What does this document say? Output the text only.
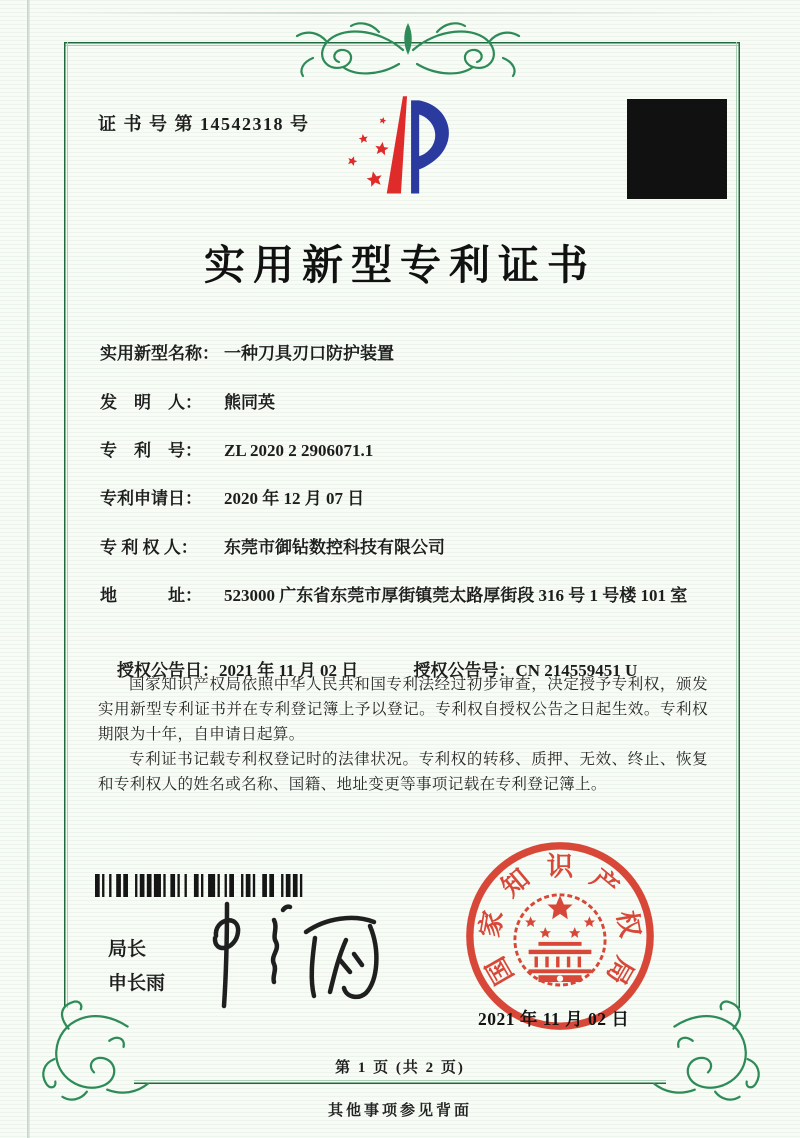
证 书 号 第 14542318 号
实用新型专利证书
实用新型名称： 一种刀具刃口防护装置
发　明　人： 熊同英
专　利　号： ZL 2020 2 2906071.1
专利申请日： 2020 年 12 月 07 日
专 利 权 人： 东莞市御钻数控科技有限公司
地　　　址： 523000 广东省东莞市厚街镇莞太路厚街段 316 号 1 号楼 101 室

授权公告日：2021 年 11 月 02 日
	授权公告号：CN 214559451 U

国家知识产权局依照中华人民共和国专利法经过初步审查，决定授予专利权，颁发实用新型专利证书并在专利登记簿上予以登记。专利权自授权公告之日起生效。专利权期限为十年，自申请日起算。

专利证书记载专利权登记时的法律状况。专利权的转移、质押、无效、终止、恢复和专利权人的姓名或名称、国籍、地址变更等事项记载在专利登记簿上。

局长
申长雨	国
家
知 识 产
权
局
2021 年 11 月 02 日
第 1 页 (共 2 页)
其他事项参见背面
